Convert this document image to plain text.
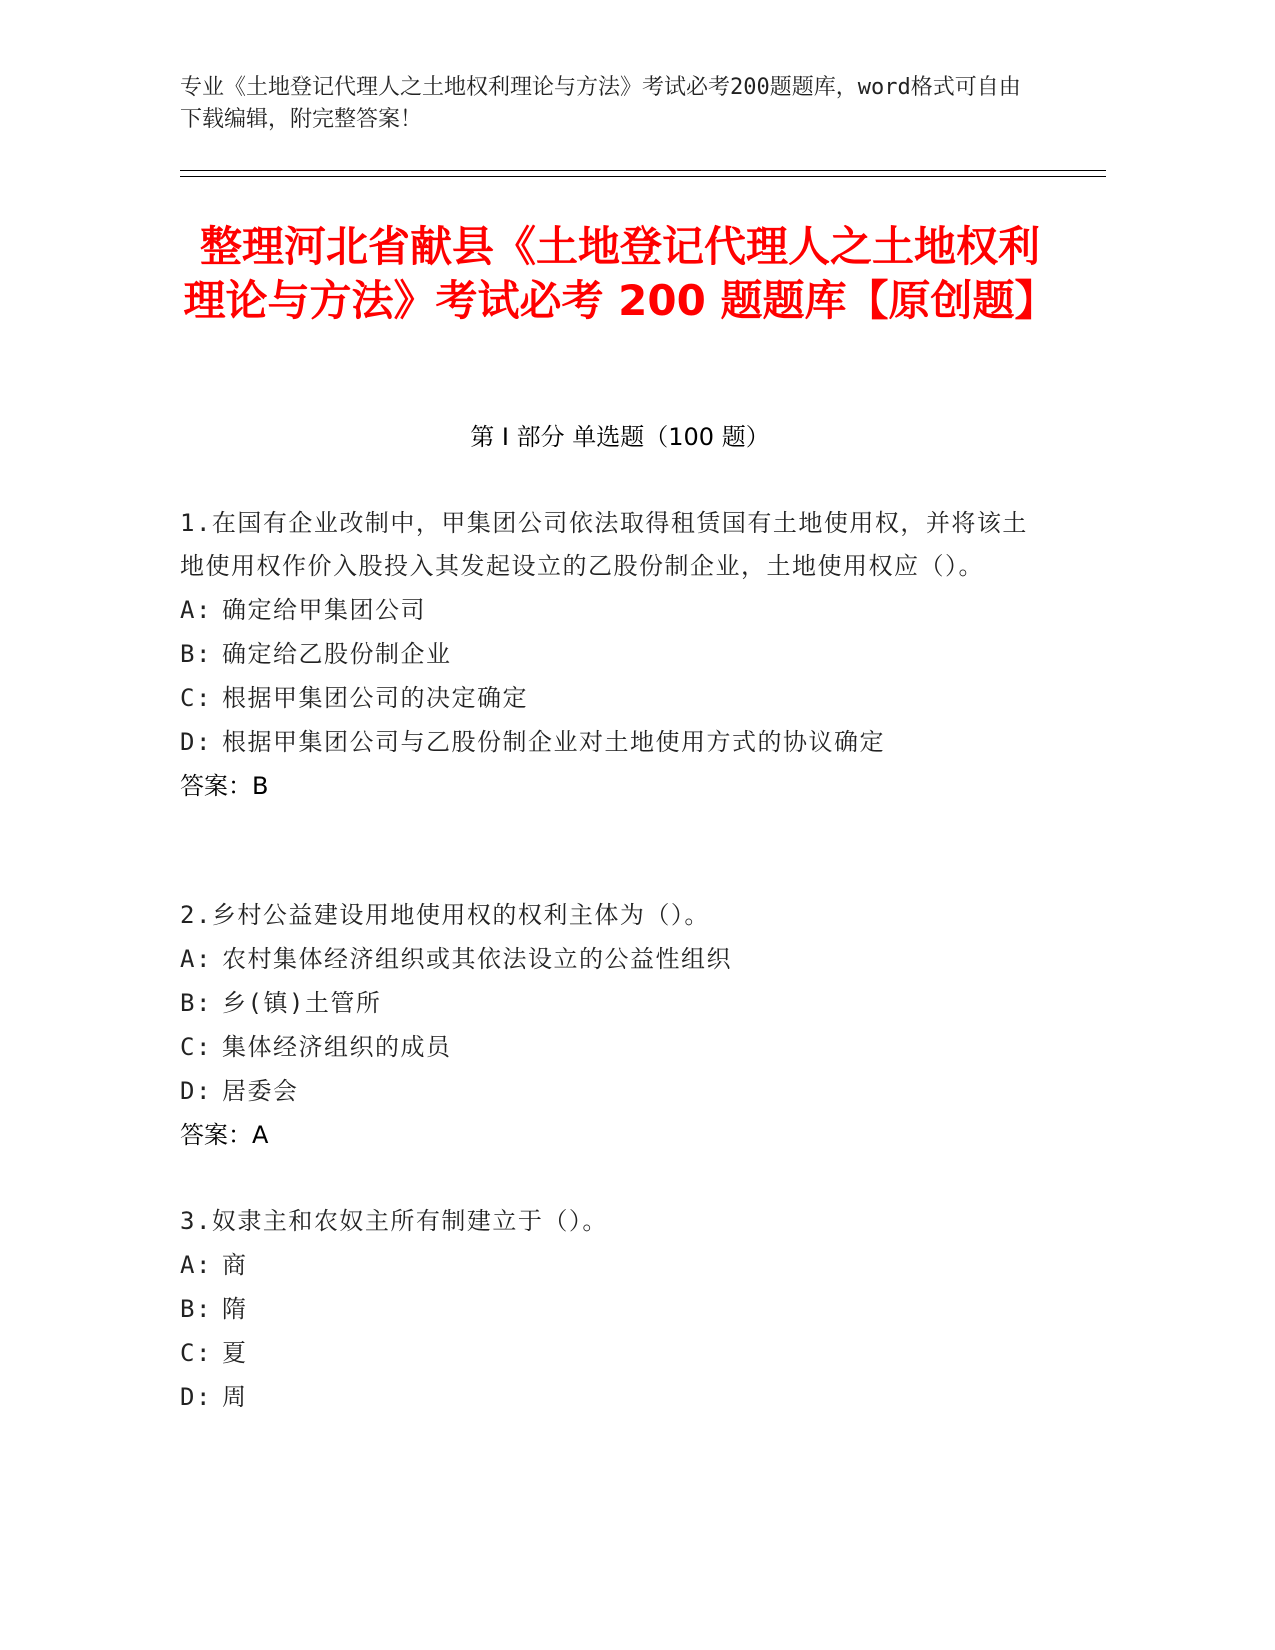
专业《土地登记代理人之土地权利理论与方法》考试必考200题题库，word格式可自由下载编辑，附完整答案！
整理河北省献县《土地登记代理人之土地权利理论与方法》考试必考 200 题题库【原创题】
第 I 部分 单选题（100 题）
1.在国有企业改制中，甲集团公司依法取得租赁国有土地使用权，并将该土地使用权作价入股投入其发起设立的乙股份制企业，土地使用权应（）。
A: 确定给甲集团公司
B: 确定给乙股份制企业
C: 根据甲集团公司的决定确定
D: 根据甲集团公司与乙股份制企业对土地使用方式的协议确定
答案：B
2.乡村公益建设用地使用权的权利主体为（）。
A: 农村集体经济组织或其依法设立的公益性组织
B: 乡(镇)土管所
C: 集体经济组织的成员
D: 居委会
答案：A
3.奴隶主和农奴主所有制建立于（）。
A: 商
B: 隋
C: 夏
D: 周
